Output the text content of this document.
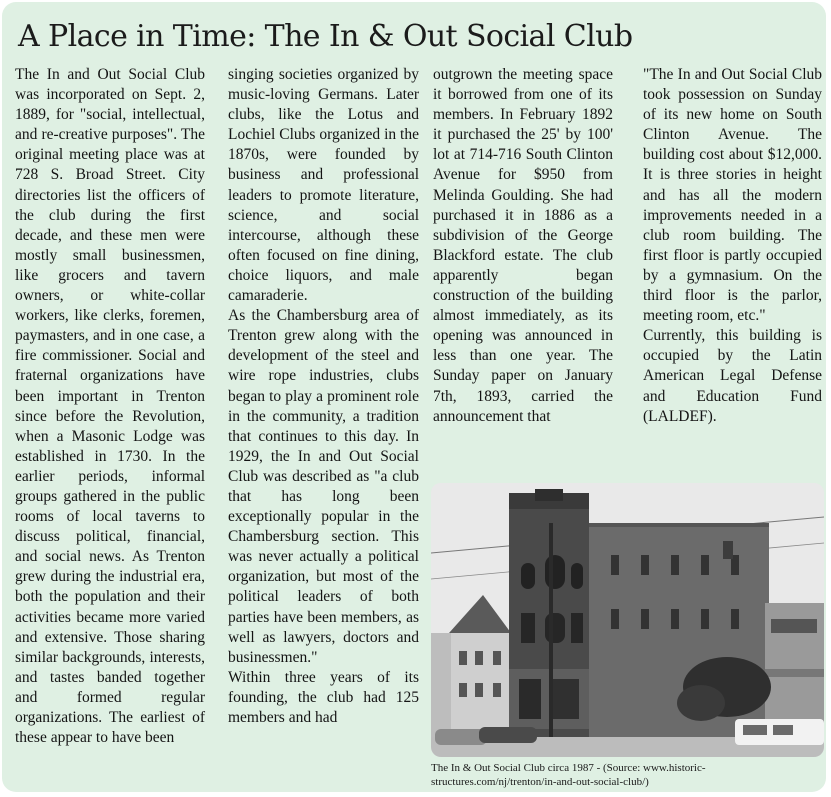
A Place in Time: The In & Out Social Club

The In and Out Social Club was incorporated on Sept. 2, 1889, for "social, intellectual, and re-creative purposes". The original meeting place was at 728 S. Broad Street. City directories list the officers of the club during the first decade, and these men were mostly small businessmen, like grocers and tavern owners, or white-collar workers, like clerks, foremen, paymasters, and in one case, a fire commissioner. Social and fraternal organizations have been important in Trenton since before the Revolution, when a Masonic Lodge was established in 1730. In the earlier periods, informal groups gathered in the public rooms of local taverns to discuss political, financial, and social news. As Trenton grew during the industrial era, both the population and their activities became more varied and extensive. Those sharing similar backgrounds, interests, and tastes banded together and formed regular organizations. The earliest of these appear to have been

singing societies organized by music-loving Germans. Later clubs, like the Lotus and Lochiel Clubs organized in the 1870s, were founded by business and professional leaders to promote literature, science, and social intercourse, although these often focused on fine dining, choice liquors, and male camaraderie.

As the Chambersburg area of Trenton grew along with the development of the steel and wire rope industries, clubs began to play a prominent role in the community, a tradition that continues to this day. In 1929, the In and Out Social Club was described as "a club that has long been exceptionally popular in the Chambersburg section. This was never actually a political organization, but most of the political leaders of both parties have been members, as well as lawyers, doctors and businessmen."

Within three years of its founding, the club had 125 members and had

outgrown the meeting space it borrowed from one of its members. In February 1892 it purchased the 25' by 100' lot at 714-716 South Clinton Avenue for $950 from Melinda Goulding. She had purchased it in 1886 as a subdivision of the George Blackford estate. The club apparently began construction of the building almost immediately, as its opening was announced in less than one year. The Sunday paper on January 7th, 1893, carried the announcement that

"The In and Out Social Club took possession on Sunday of its new home on South Clinton Avenue. The building cost about $12,000. It is three stories in height and has all the modern improvements needed in a club room building. The first floor is partly occupied by a gymnasium. On the third floor is the parlor, meeting room, etc."

Currently, this building is occupied by the Latin American Legal Defense and Education Fund (LALDEF).

The In & Out Social Club circa 1987 - (Source: www.historic-structures.com/nj/trenton/in-and-out-social-club/)
